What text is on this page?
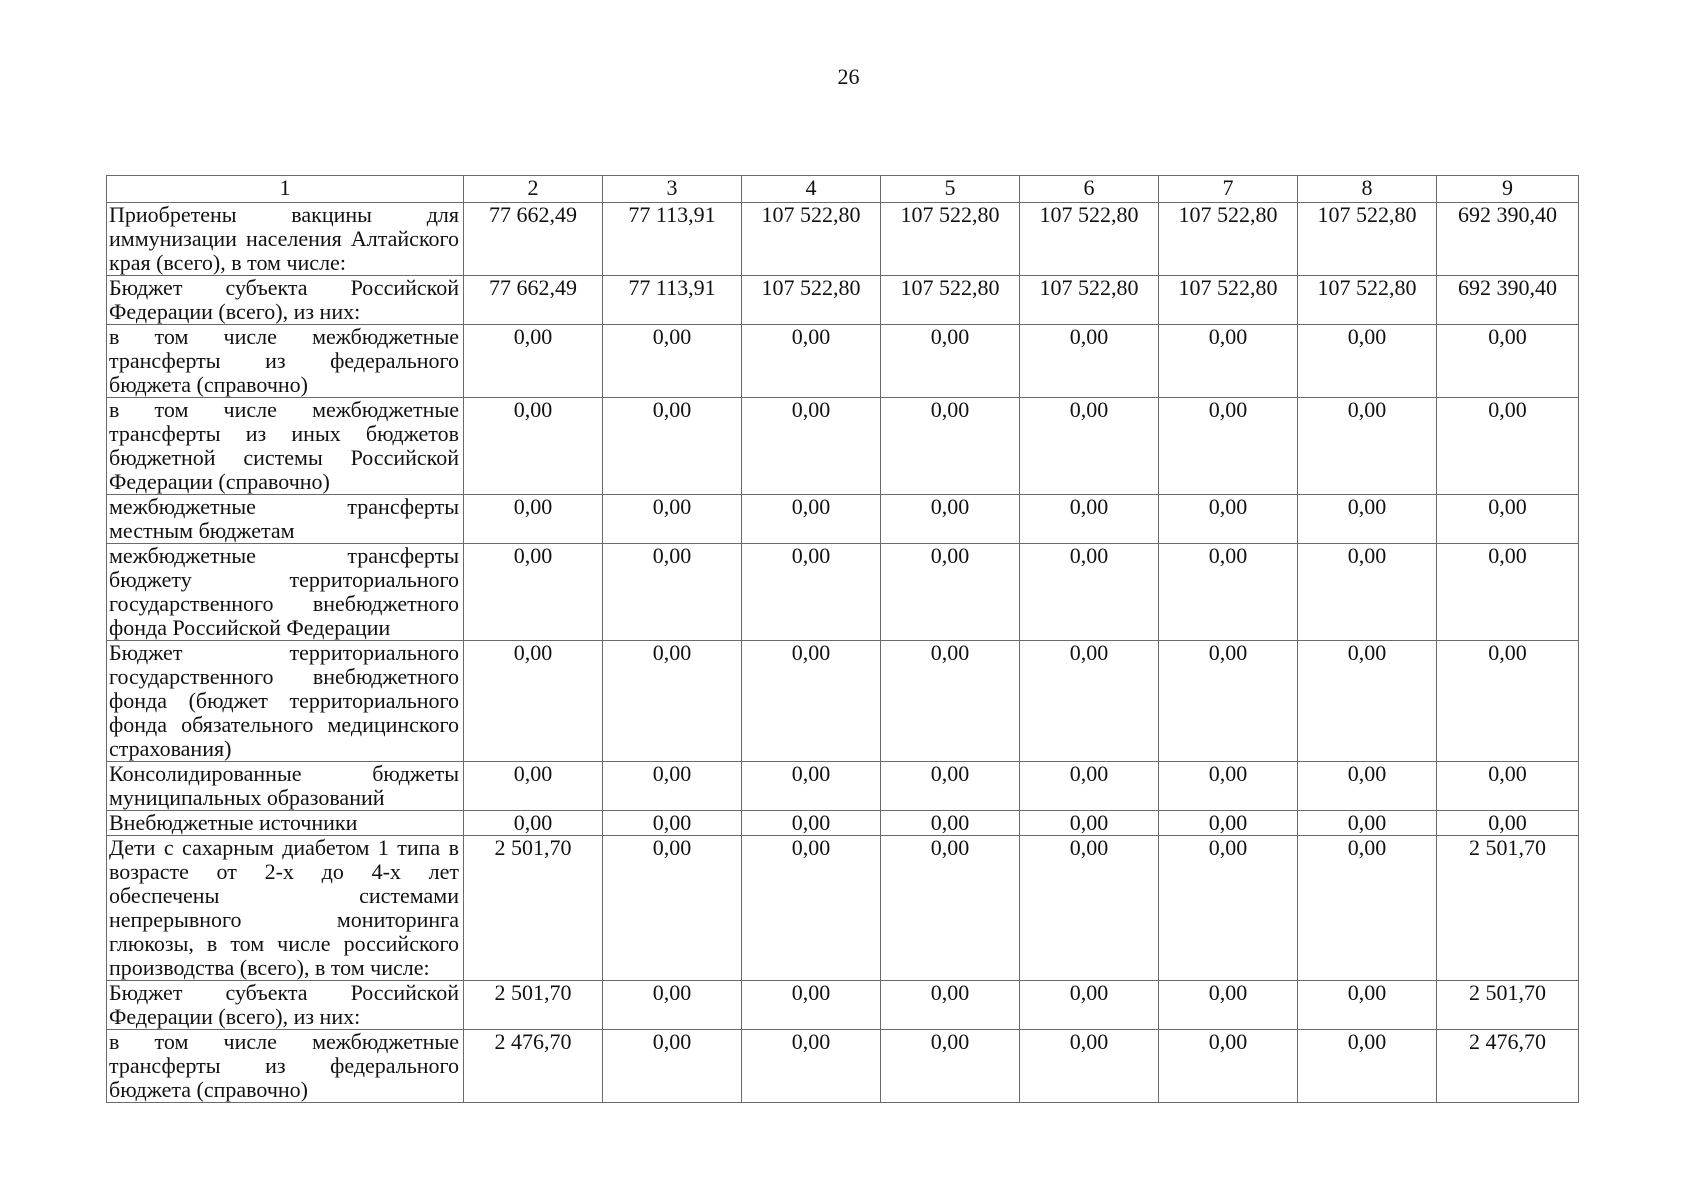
26
1	2	3	4	5	6	7	8	9
Приобретены вакцины для иммунизации населения Алтайского края (всего), в том числе:	77 662,49	77 113,91	107 522,80	107 522,80	107 522,80	107 522,80	107 522,80	692 390,40
Бюджет субъекта Российской Федерации (всего), из них:	77 662,49	77 113,91	107 522,80	107 522,80	107 522,80	107 522,80	107 522,80	692 390,40
в том числе межбюджетные трансферты из федерального бюджета (справочно)	0,00	0,00	0,00	0,00	0,00	0,00	0,00	0,00
в том числе межбюджетные трансферты из иных бюджетов бюджетной системы Российской Федерации (справочно)	0,00	0,00	0,00	0,00	0,00	0,00	0,00	0,00
межбюджетные трансферты местным бюджетам	0,00	0,00	0,00	0,00	0,00	0,00	0,00	0,00
межбюджетные трансферты бюджету территориального государственного внебюджетного фонда Российской Федерации	0,00	0,00	0,00	0,00	0,00	0,00	0,00	0,00
Бюджет территориального государственного внебюджетного фонда (бюджет территориального фонда обязательного медицинского страхования)	0,00	0,00	0,00	0,00	0,00	0,00	0,00	0,00
Консолидированные бюджеты муниципальных образований	0,00	0,00	0,00	0,00	0,00	0,00	0,00	0,00
Внебюджетные источники	0,00	0,00	0,00	0,00	0,00	0,00	0,00	0,00
Дети с сахарным диабетом 1 типа в возрасте от 2-х до 4-х лет обеспечены системами непрерывного мониторинга глюкозы, в том числе российского производства (всего), в том числе:	2 501,70	0,00	0,00	0,00	0,00	0,00	0,00	2 501,70
Бюджет субъекта Российской Федерации (всего), из них:	2 501,70	0,00	0,00	0,00	0,00	0,00	0,00	2 501,70
в том числе межбюджетные трансферты из федерального бюджета (справочно)	2 476,70	0,00	0,00	0,00	0,00	0,00	0,00	2 476,70
